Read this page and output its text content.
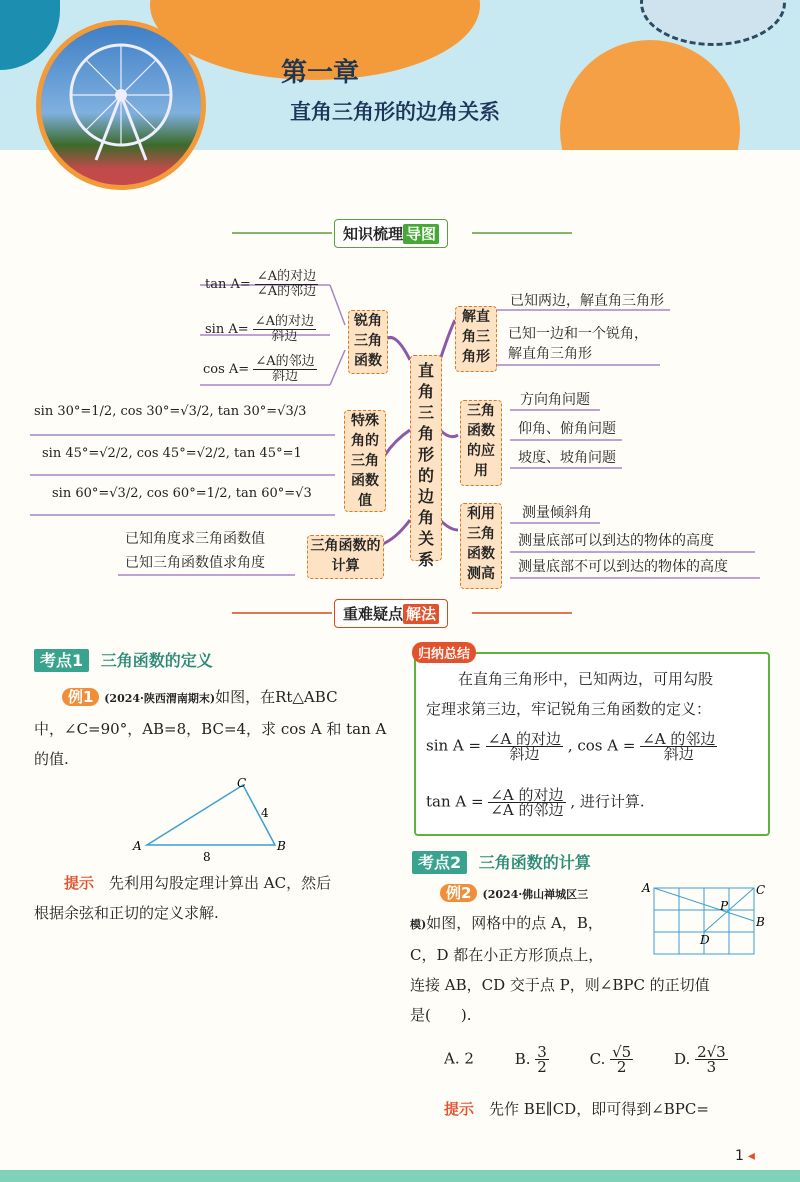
第一章
直角三角形的边角关系
知识梳理 导图
直角三角形的边角关系
锐角三角函数
特殊角的三角函数值
三角函数的计算
$\tan A= \frac{\text{∠A的对边}}{\text{∠A的邻边}}$
$\sin A= \frac{\text{∠A的对边}}{\text{斜边}}$
$\cos A= \frac{\text{∠A的邻边}}{\text{斜边}}$
sin 30°=1/2, cos 30°=√3/2, tan 30°=√3/3
sin 45°=√2/2, cos 45°=√2/2, tan 45°=1
sin 60°=√3/2, cos 60°=1/2, tan 60°=√3
已知角度求三角函数值
已知三角函数值求角度
解直角三角形
三角函数的应用
利用三角函数测高
已知两边，解直角三角形
已知一边和一个锐角，
解直角三角形
方向角问题
仰角、俯角问题
坡度、坡角问题
测量倾斜角
测量底部可以到达的物体的高度
测量底部不可以到达的物体的高度
重难疑点 解法
考点1 三角函数的定义
例1 (2024·陕西渭南期末)如图，在Rt△ABC
中，∠C=90°，AB=8，BC=4，求 cos A 和 tan A
的值.
A	B
C
4
8
提示　 先利用勾股定理计算出 AC，然后
根据余弦和正切的定义求解.
归纳总结
在直角三角形中，已知两边，可用勾股
定理求第三边，牢记锐角三角函数的定义：
$\sin A = \frac{\text{∠A 的对边}}{\text{斜边}}$ , $\cos A = \frac{\text{∠A 的邻边}}{\text{斜边}}$
$\tan A = \frac{\text{∠A 的对边}}{\text{∠A 的邻边}}$ , 进行计算.
考点2 三角函数的计算
例2 (2024·佛山禅城区三
模)如图，网格中的点 A，B，
C，D 都在小正方形顶点上，
连接 AB，CD 交于点 P，则∠BPC 的正切值
是(　　).
A
B
C
D
P
A. 2	B. $\frac{3}{2}$	C. $\frac{√5}{2}$	D. $\frac{2√3}{3}$
提示　 先作 BE∥CD，即可得到∠BPC=
1 ◂
